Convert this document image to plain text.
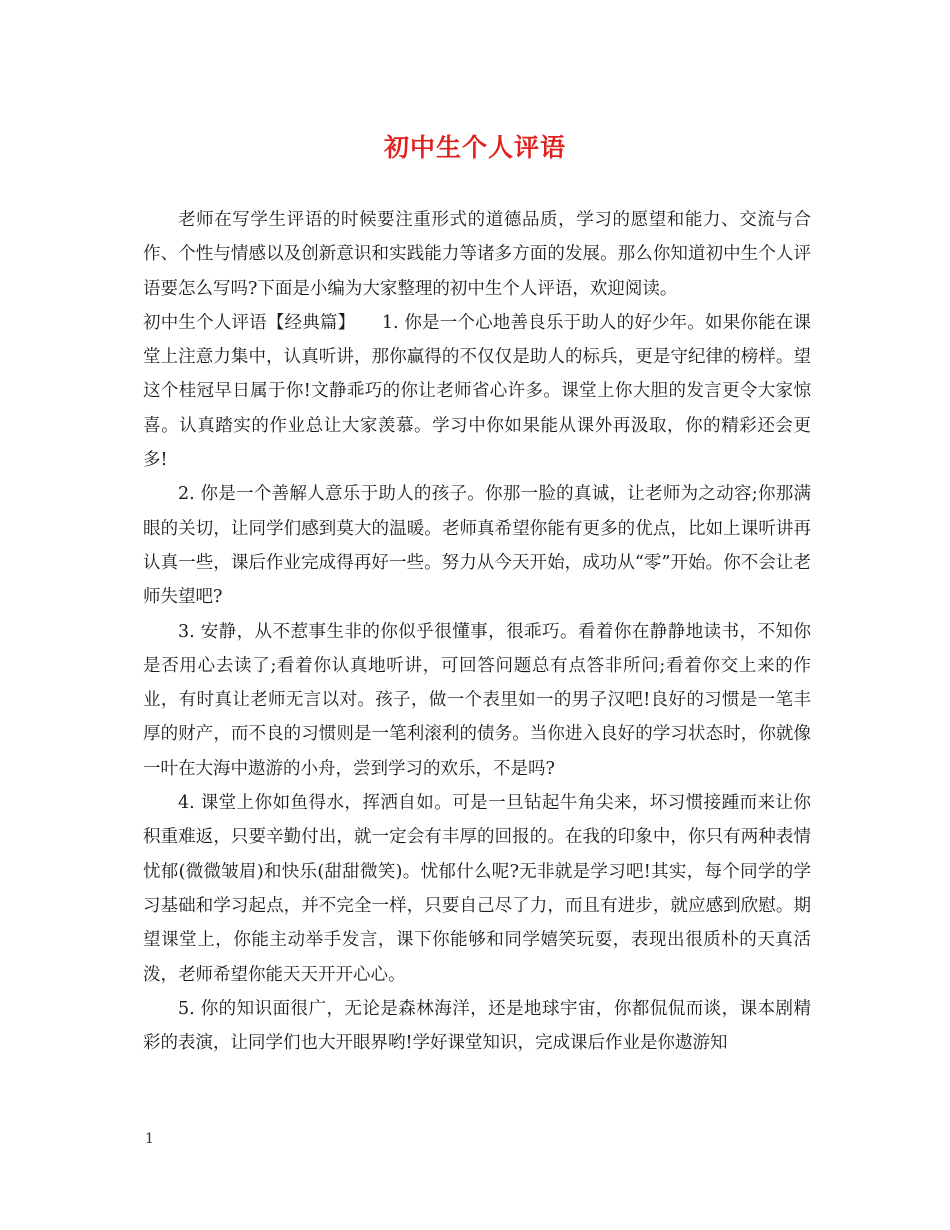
初中生个人评语

老师在写学生评语的时候要注重形式的道德品质，学习的愿望和能力、交流与合作、个性与情感以及创新意识和实践能力等诸多方面的发展。那么你知道初中生个人评语要怎么写吗?下面是小编为大家整理的初中生个人评语，欢迎阅读。

初中生个人评语【经典篇】　　1. 你是一个心地善良乐于助人的好少年。如果你能在课堂上注意力集中，认真听讲，那你赢得的不仅仅是助人的标兵，更是守纪律的榜样。望这个桂冠早日属于你!文静乖巧的你让老师省心许多。课堂上你大胆的发言更令大家惊喜。认真踏实的作业总让大家羡慕。学习中你如果能从课外再汲取，你的精彩还会更多!

2. 你是一个善解人意乐于助人的孩子。你那一脸的真诚，让老师为之动容;你那满眼的关切，让同学们感到莫大的温暖。老师真希望你能有更多的优点，比如上课听讲再认真一些，课后作业完成得再好一些。努力从今天开始，成功从“零”开始。你不会让老师失望吧?

3. 安静，从不惹事生非的你似乎很懂事，很乖巧。看着你在静静地读书，不知你是否用心去读了;看着你认真地听讲，可回答问题总有点答非所问;看着你交上来的作业，有时真让老师无言以对。孩子，做一个表里如一的男子汉吧!良好的习惯是一笔丰厚的财产，而不良的习惯则是一笔利滚利的债务。当你进入良好的学习状态时，你就像一叶在大海中遨游的小舟，尝到学习的欢乐，不是吗?

4. 课堂上你如鱼得水，挥洒自如。可是一旦钻起牛角尖来，坏习惯接踵而来让你积重难返，只要辛勤付出，就一定会有丰厚的回报的。在我的印象中，你只有两种表情忧郁(微微皱眉)和快乐(甜甜微笑)。忧郁什么呢?无非就是学习吧!其实，每个同学的学习基础和学习起点，并不完全一样，只要自己尽了力，而且有进步，就应感到欣慰。期望课堂上，你能主动举手发言，课下你能够和同学嬉笑玩耍，表现出很质朴的天真活泼，老师希望你能天天开开心心。

5. 你的知识面很广，无论是森林海洋，还是地球宇宙，你都侃侃而谈，课本剧精彩的表演，让同学们也大开眼界哟!学好课堂知识，完成课后作业是你遨游知

1
